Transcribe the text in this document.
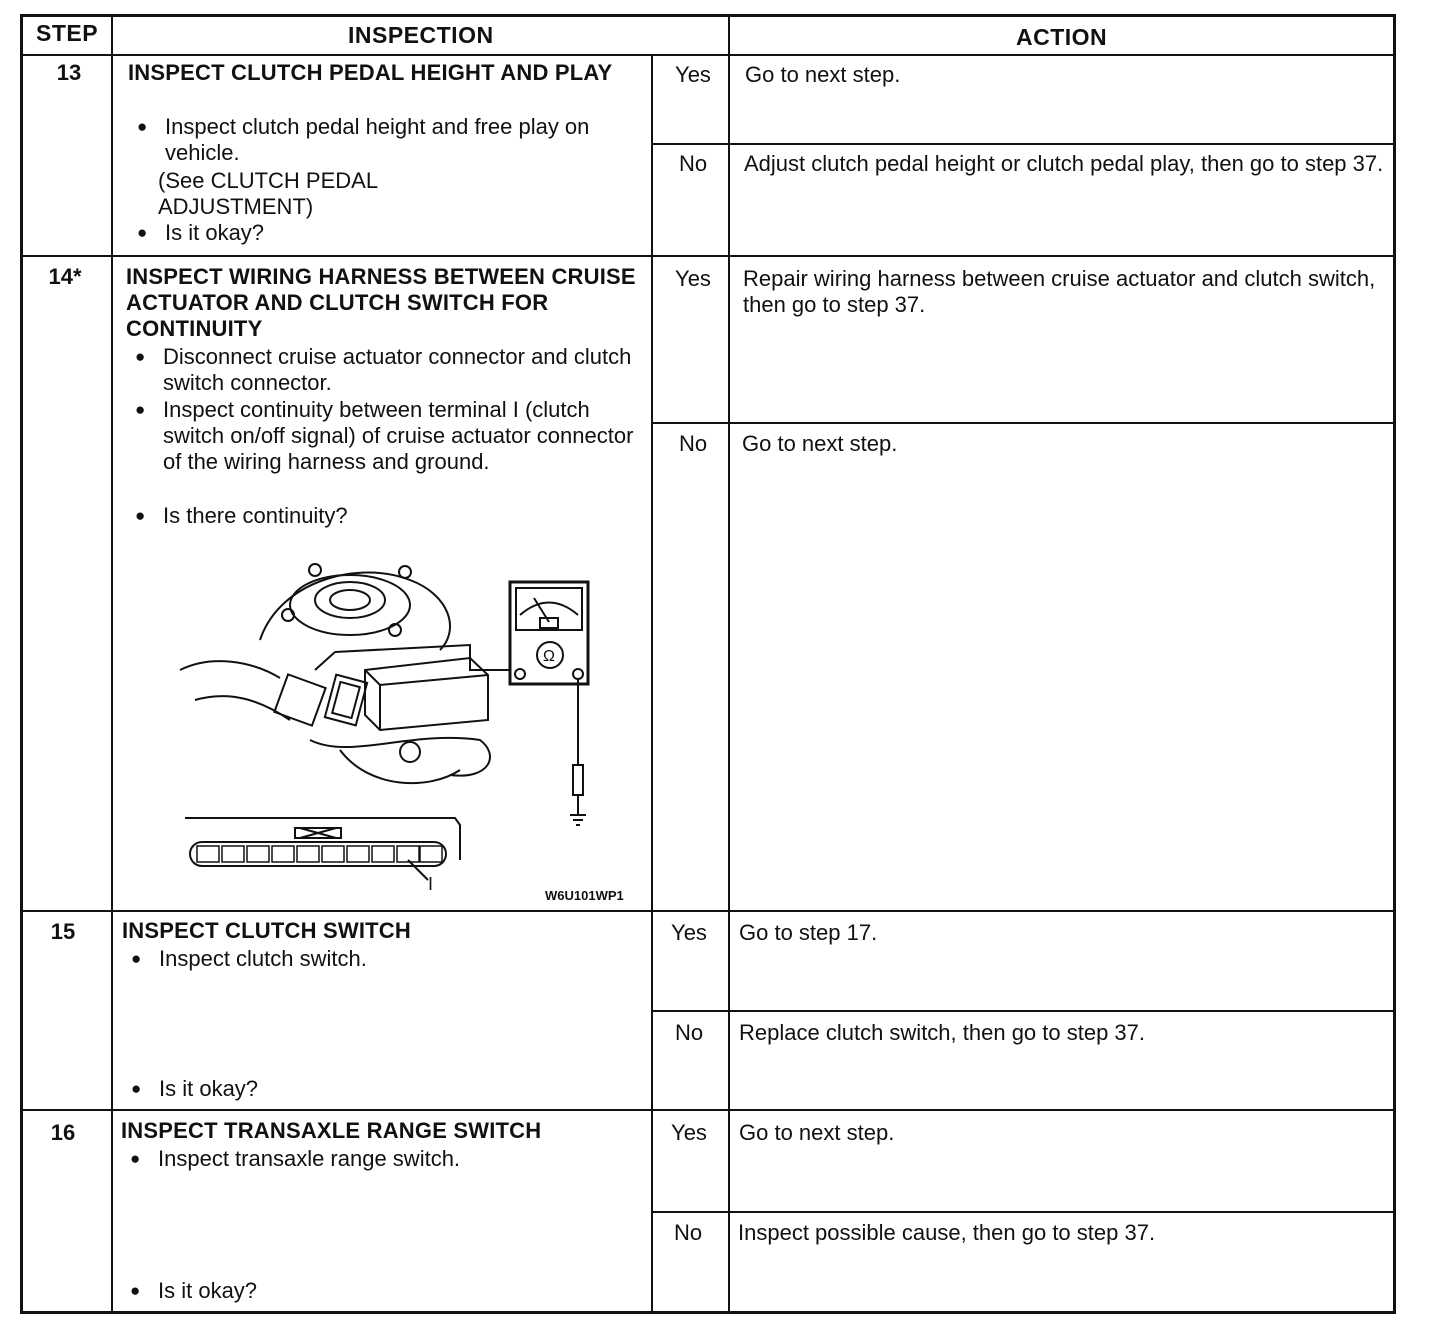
STEP	INSPECTION	ACTION
13	INSPECT CLUTCH PEDAL HEIGHT AND PLAY
● Inspect clutch pedal height and free play on vehicle.
(See CLUTCH PEDAL ADJUSTMENT)
● Is it okay?
Yes	Go to next step.
No	Adjust clutch pedal height or clutch pedal play, then go to step 37.
14*	INSPECT WIRING HARNESS BETWEEN CRUISE ACTUATOR AND CLUTCH SWITCH FOR CONTINUITY
● Disconnect cruise actuator connector and clutch switch connector.
● Inspect continuity between terminal I (clutch switch on/off signal) of cruise actuator connector of the wiring harness and ground.
● Is there continuity?
Ω
I
W6U101WP1
Yes	Repair wiring harness between cruise actuator and clutch switch, then go to step 37.
No	Go to next step.
15	INSPECT CLUTCH SWITCH
● Inspect clutch switch.
● Is it okay?
Yes	Go to step 17.
No	Replace clutch switch, then go to step 37.
16	INSPECT TRANSAXLE RANGE SWITCH
● Inspect transaxle range switch.
● Is it okay?
Yes	Go to next step.
No	Inspect possible cause, then go to step 37.
